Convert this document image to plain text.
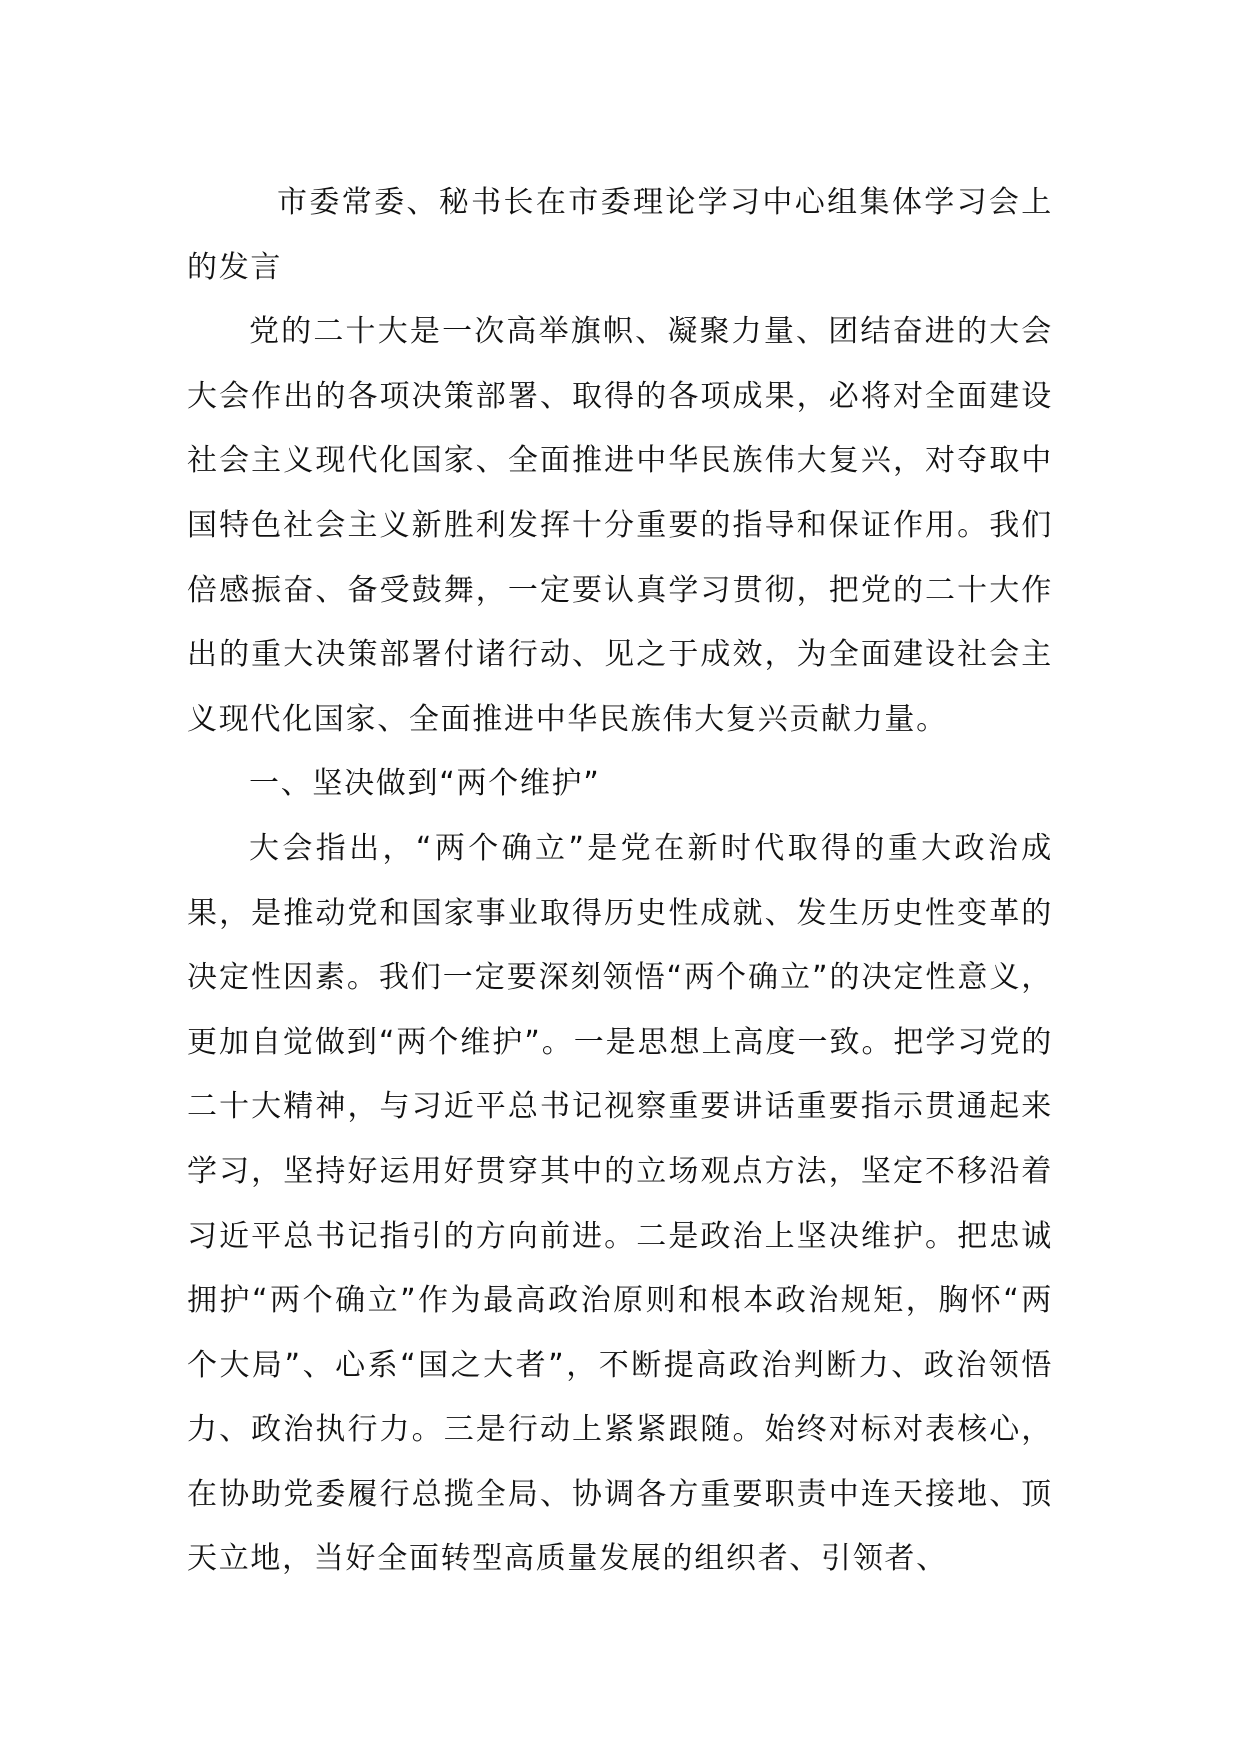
市委常委、秘书长在市委理论学习中心组集体学习会上的发言

党的二十大是一次高举旗帜、凝聚力量、团结奋进的大会大会作出的各项决策部署、取得的各项成果，必将对全面建设社会主义现代化国家、全面推进中华民族伟大复兴，对夺取中国特色社会主义新胜利发挥十分重要的指导和保证作用。我们倍感振奋、备受鼓舞，一定要认真学习贯彻，把党的二十大作出的重大决策部署付诸行动、见之于成效，为全面建设社会主义现代化国家、全面推进中华民族伟大复兴贡献力量。

一、坚决做到“两个维护”

大会指出，“两个确立”是党在新时代取得的重大政治成果，是推动党和国家事业取得历史性成就、发生历史性变革的决定性因素。我们一定要深刻领悟“两个确立”的决定性意义，更加自觉做到“两个维护”。一是思想上高度一致。把学习党的二十大精神，与习近平总书记视察重要讲话重要指示贯通起来学习，坚持好运用好贯穿其中的立场观点方法，坚定不移沿着习近平总书记指引的方向前进。二是政治上坚决维护。把忠诚拥护“两个确立”作为最高政治原则和根本政治规矩，胸怀“两个大局”、心系“国之大者”，不断提高政治判断力、政治领悟力、政治执行力。三是行动上紧紧跟随。始终对标对表核心，在协助党委履行总揽全局、协调各方重要职责中连天接地、顶天立地，当好全面转型高质量发展的组织者、引领者、
